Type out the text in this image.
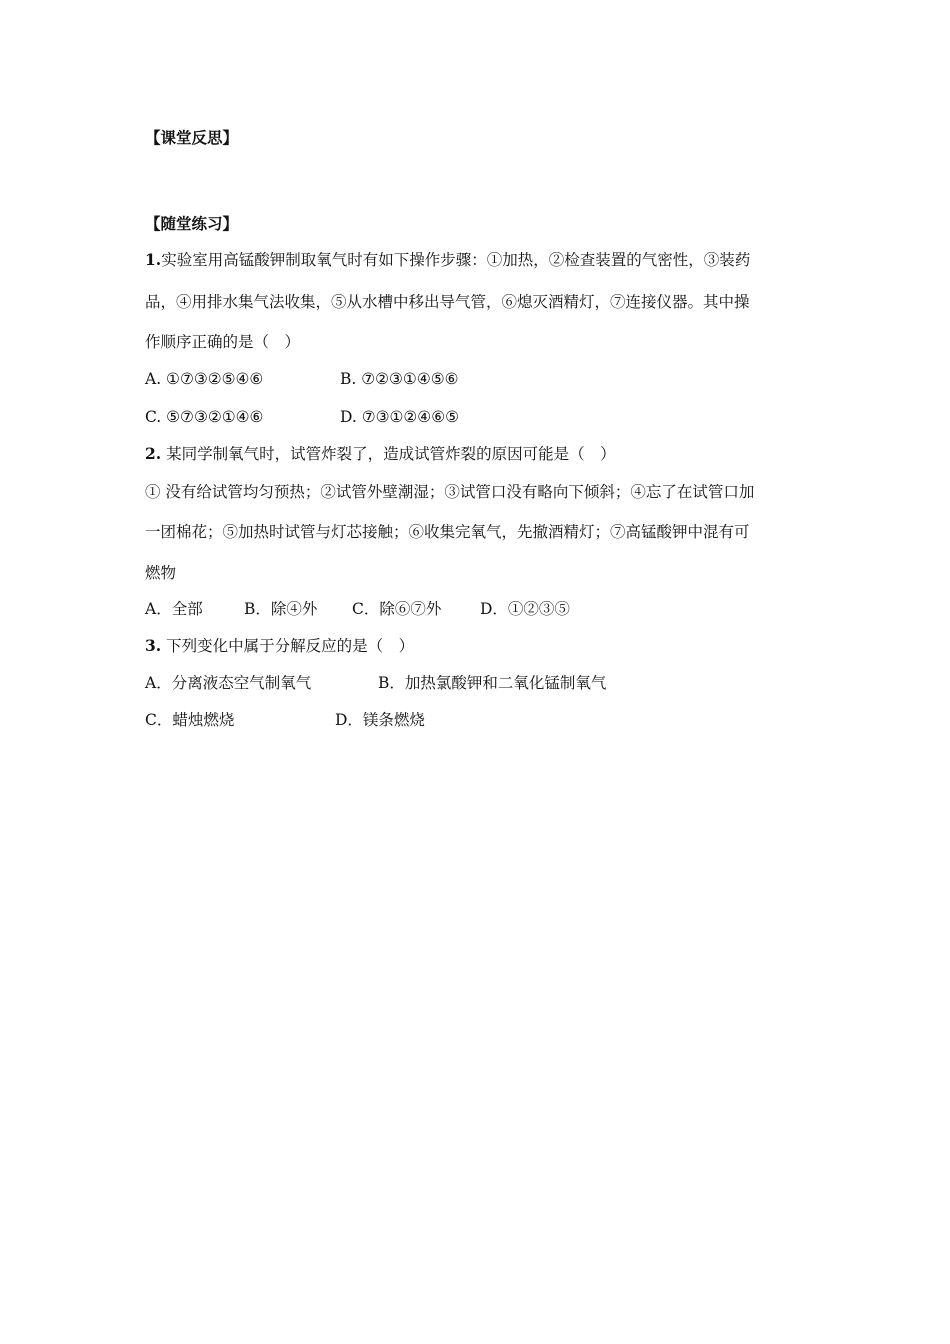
【课堂反思】
【随堂练习】
1.实验室用高锰酸钾制取氧气时有如下操作步骤：①加热，②检查装置的气密性，③装药
品，④用排水集气法收集，⑤从水槽中移出导气管，⑥熄灭酒精灯，⑦连接仪器。其中操
作顺序正确的是（　）
A. ①⑦③②⑤④⑥	B. ⑦②③①④⑤⑥
C. ⑤⑦③②①④⑥	D. ⑦③①②④⑥⑤
2. 某同学制氧气时，试管炸裂了，造成试管炸裂的原因可能是（　）
① 没有给试管均匀预热；②试管外壁潮湿；③试管口没有略向下倾斜；④忘了在试管口加
一团棉花；⑤加热时试管与灯芯接触；⑥收集完氧气，先撤酒精灯；⑦高锰酸钾中混有可
燃物
A．全部	B．除④外 C．除⑥⑦外 D．①②③⑤
3. 下列变化中属于分解反应的是（　）
A．分离液态空气制氧气	B．加热氯酸钾和二氧化锰制氧气
C．蜡烛燃烧	D．镁条燃烧
